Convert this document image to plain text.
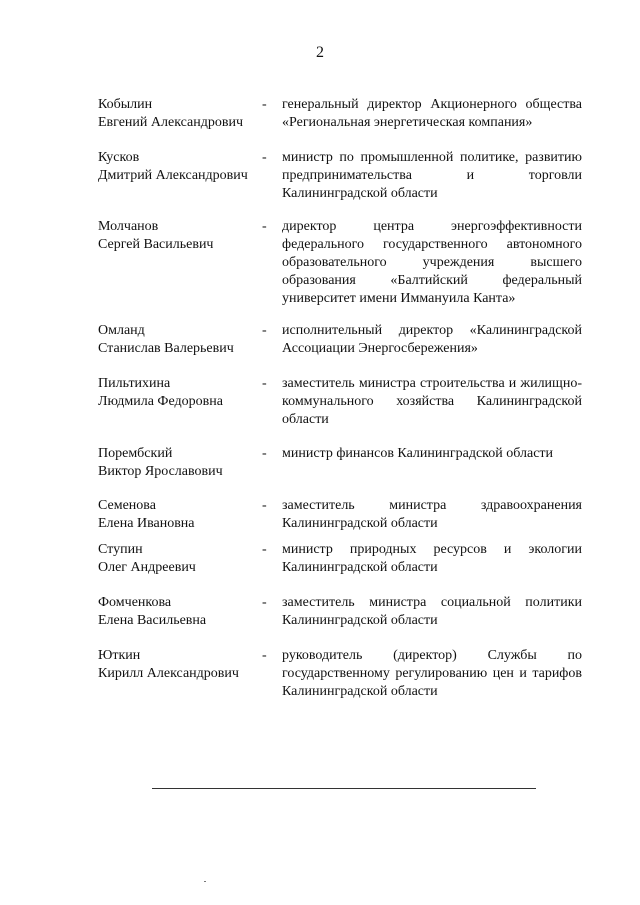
2
Кобылин
Евгений Александрович
- генеральный директор Акционерного общества «Региональная энергетическая компания»
Кусков
Дмитрий Александрович
- министр по промышленной политике, развитию предпринимательства и торговли Калининградской области
Молчанов
Сергей Васильевич
- директор центра энергоэффективности федерального государственного автономного образовательного учреждения высшего образования «Балтийский федеральный университет имени Иммануила Канта»
Омланд
Станислав Валерьевич
- исполнительный директор «Калининградской Ассоциации Энергосбережения»
Пильтихина
Людмила Федоровна
- заместитель министра строительства и жилищно-коммунального хозяйства Калининградской области
Порембский
Виктор Ярославович
- министр финансов Калининградской области
Семенова
Елена Ивановна
- заместитель министра здравоохранения Калининградской области
Ступин
Олег Андреевич
- министр природных ресурсов и экологии Калининградской области
Фомченкова
Елена Васильевна
- заместитель министра социальной политики Калининградской области
Юткин
Кирилл Александрович
- руководитель (директор) Службы по государственному регулированию цен и тарифов Калининградской области
